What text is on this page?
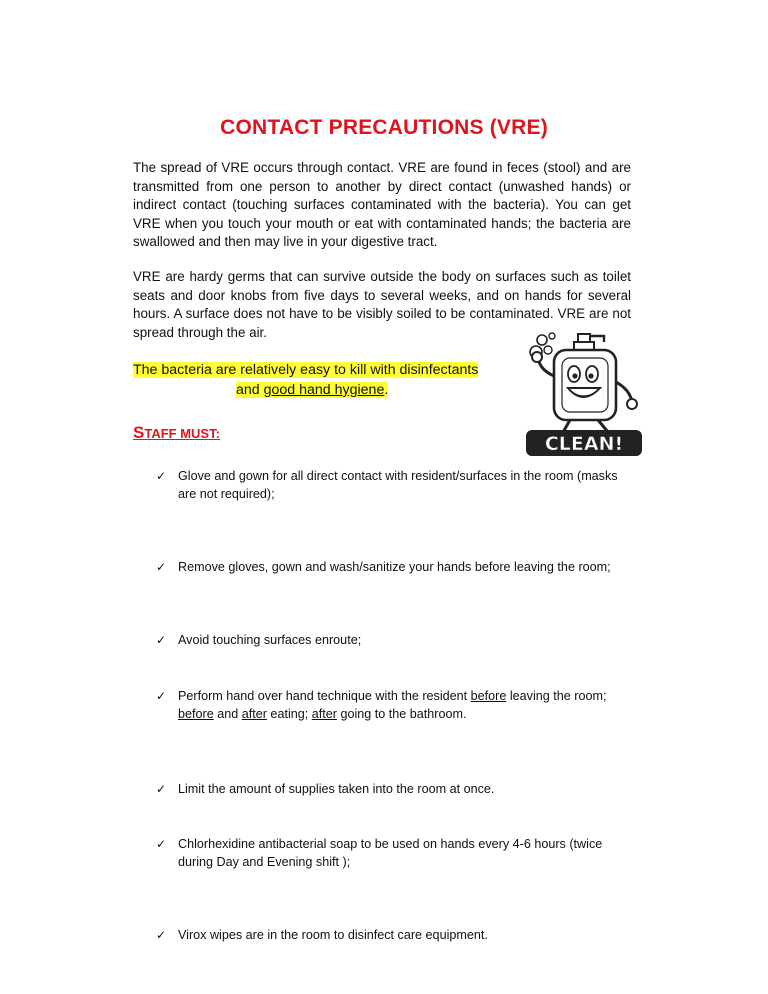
CONTACT PRECAUTIONS (VRE)

The spread of VRE occurs through contact. VRE are found in feces (stool) and are transmitted from one person to another by direct contact (unwashed hands) or indirect contact (touching surfaces contaminated with the bacteria). You can get VRE when you touch your mouth or eat with contaminated hands; the bacteria are swallowed and then may live in your digestive tract.

VRE are hardy germs that can survive outside the body on surfaces such as toilet seats and door knobs from five days to several weeks, and on hands for several hours. A surface does not have to be visibly soiled to be contaminated. VRE are not spread through the air.

The bacteria are relatively easy to kill with disinfectants
and good hand hygiene.
STAFF MUST:
✓ Glove and gown for all direct contact with resident/surfaces in the room (masks are not required);
✓ Remove gloves, gown and wash/sanitize your hands before leaving the room;
✓ Avoid touching surfaces enroute;
✓ Perform hand over hand technique with the resident before leaving the room; before and after eating; after going to the bathroom.
✓ Limit the amount of supplies taken into the room at once.
✓ Chlorhexidine antibacterial soap to be used on hands every 4-6 hours (twice during Day and Evening shift );
✓ Virox wipes are in the room to disinfect care equipment.
CLEAN!
